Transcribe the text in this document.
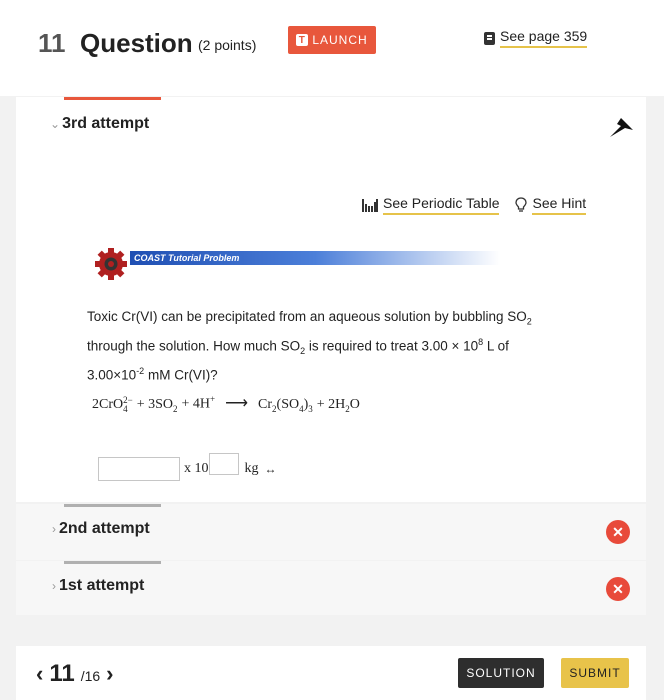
11 Question (2 points)	T LAUNCH	See page 359
⌄ 3rd attempt
See Periodic Table See Hint
COAST Tutorial Problem
Toxic Cr(VI) can be precipitated from an aqueous solution by bubbling $SO_2$
through the solution. How much $SO_2$ is required to treat $3.00 \times 10^8$ L of
$3.00\times 10^{-2}$ mM Cr(VI)?
2CrO 2−
$4 + 3SO_2 + 4H^+$ ⟶ $Cr_2(SO_4)_3 + 2H_2O$
x 10	kg ↔
› 2nd attempt	✕
› 1st attempt	✕
‹ 11 /16 ›	SOLUTION	SUBMIT
